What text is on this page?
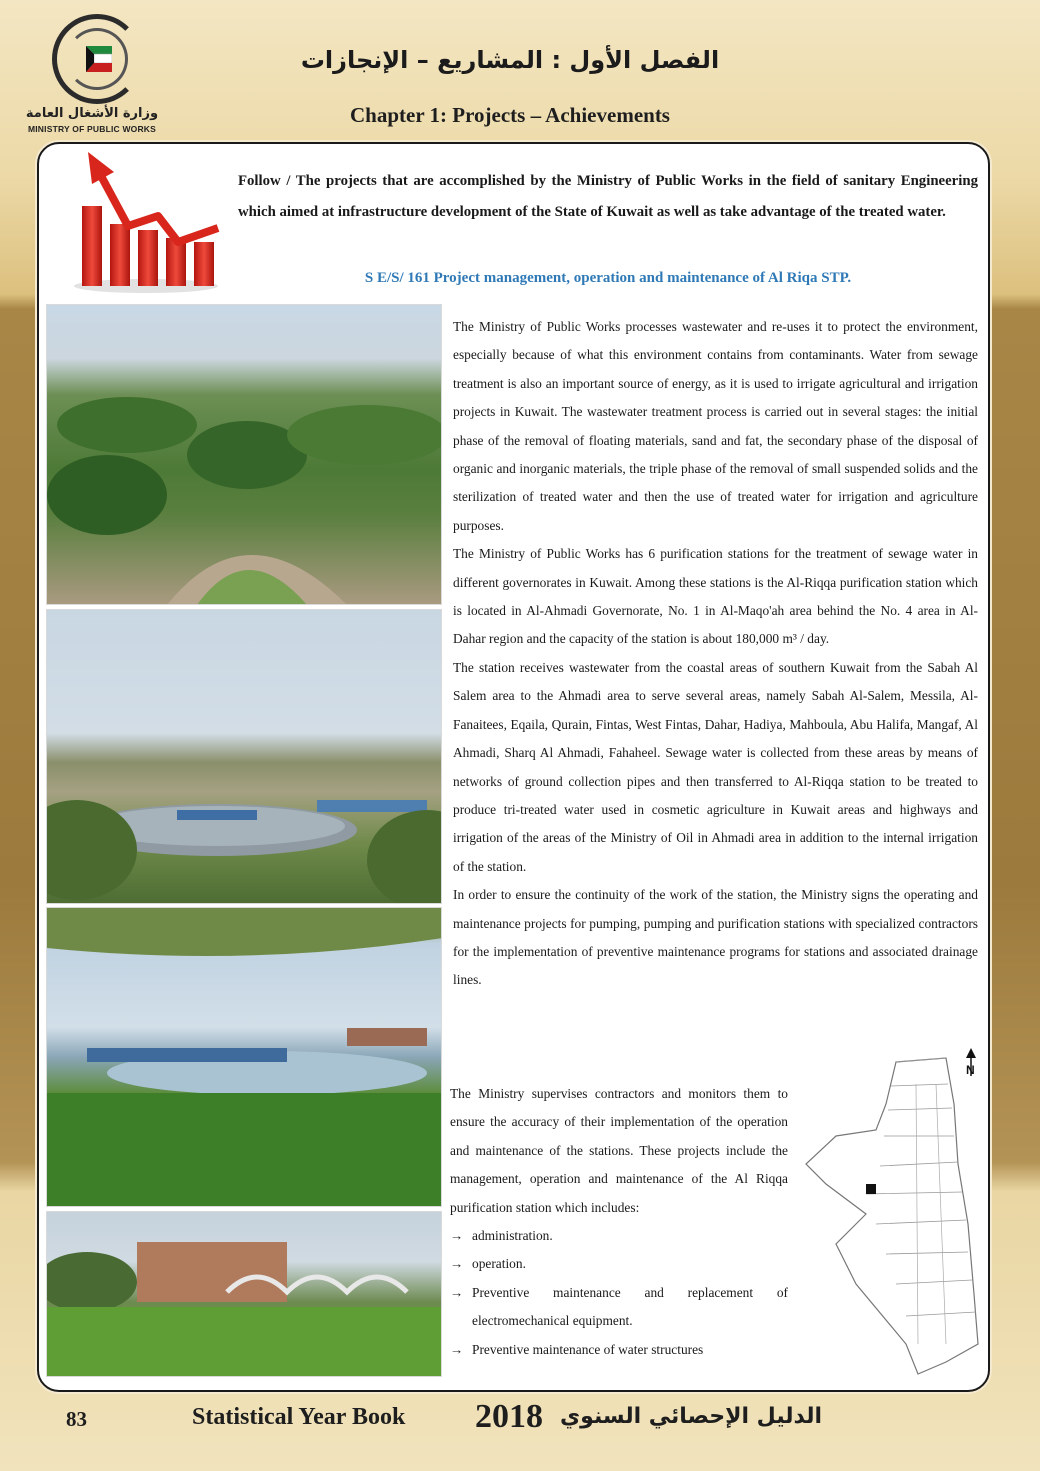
وزارة الأشغال العامة
MINISTRY OF PUBLIC WORKS
الفصل الأول : المشاريع – الإنجازات
Chapter 1: Projects – Achievements
Follow / The projects that are accomplished by the Ministry of Public Works in the field of sanitary Engineering which aimed at infrastructure development of the State of Kuwait as well as take advantage of the treated water.
S E/S/ 161 Project management, operation and maintenance of Al Riqa STP.

The Ministry of Public Works processes wastewater and re-uses it to protect the environment, especially because of what this environment contains from contaminants. Water from sewage treatment is also an important source of energy, as it is used to irrigate agricultural and irrigation projects in Kuwait. The wastewater treatment process is carried out in several stages: the initial phase of the removal of floating materials, sand and fat, the secondary phase of the disposal of organic and inorganic materials, the triple phase of the removal of small suspended solids and the sterilization of treated water and then the use of treated water for irrigation and agriculture purposes.

The Ministry of Public Works has 6 purification stations for the treatment of sewage water in different governorates in Kuwait. Among these stations is the Al-Riqqa purification station which is located in Al-Ahmadi Governorate, No. 1 in Al-Maqo'ah area behind the No. 4 area in Al-Dahar region and the capacity of the station is about 180,000 m³ / day.

The station receives wastewater from the coastal areas of southern Kuwait from the Sabah Al Salem area to the Ahmadi area to serve several areas, namely Sabah Al-Salem, Messila, Al-Fanaitees, Eqaila, Qurain, Fintas, West Fintas, Dahar, Hadiya, Mahboula, Abu Halifa, Mangaf, Al Ahmadi, Sharq Al Ahmadi, Fahaheel. Sewage water is collected from these areas by means of networks of ground collection pipes and then transferred to Al-Riqqa station to be treated to produce tri-treated water used in cosmetic agriculture in Kuwait areas and highways and irrigation of the areas of the Ministry of Oil in Ahmadi area in addition to the internal irrigation of the station.

In order to ensure the continuity of the work of the station, the Ministry signs the operating and maintenance projects for pumping, pumping and purification stations with specialized contractors for the implementation of preventive maintenance programs for stations and associated drainage lines.

The Ministry supervises contractors and monitors them to ensure the accuracy of their implementation of the operation and maintenance of the stations. These projects include the management, operation and maintenance of the Al Riqqa purification station which includes:

→ administration.
→ operation.
→ Preventive maintenance and replacement of electromechanical equipment.
→ Preventive maintenance of water structures
N
83	Statistical Year Book 2018 الدليل الإحصائي السنوي
